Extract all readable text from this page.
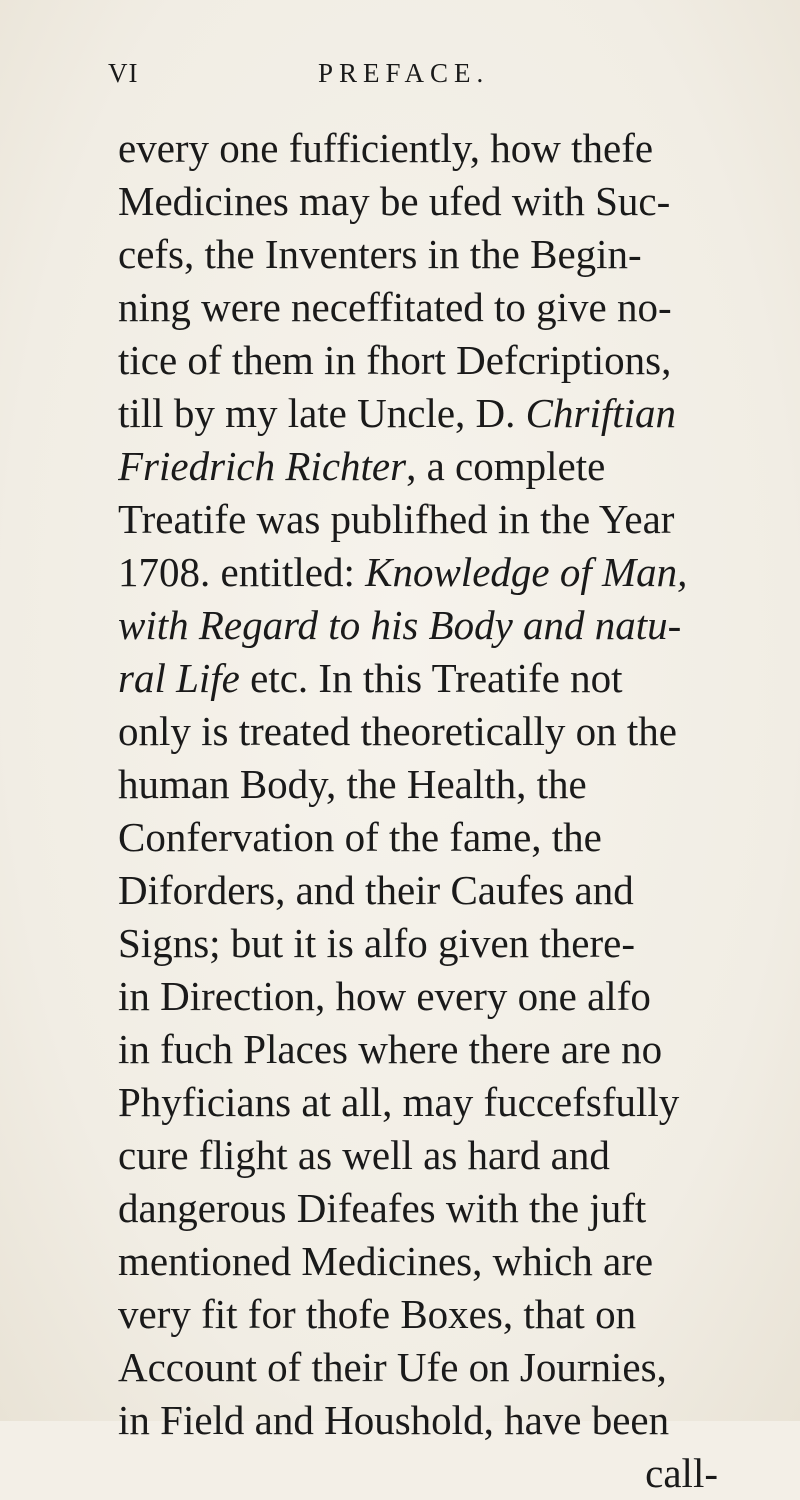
VI	PREFACE.
every one fufficiently, how thefe
Medicines may be ufed with Suc-
cefs, the Inventers in the Begin-
ning were neceffitated to give no-
tice of them in fhort Defcriptions,
till by my late Uncle, D. Chriftian
Friedrich Richter, a complete
Treatife was publifhed in the Year
1708. entitled: Knowledge of Man,
with Regard to his Body and natu-
ral Life etc. In this Treatife not
only is treated theoretically on the
human Body, the Health, the
Confervation of the fame, the
Diforders, and their Caufes and
Signs; but it is alfo given there-
in Direction, how every one alfo
in fuch Places where there are no
Phyficians at all, may fuccefsfully
cure flight as well as hard and
dangerous Difeafes with the juft
mentioned Medicines, which are
very fit for thofe Boxes, that on
Account of their Ufe on Journies,
in Field and Houshold, have been
call-
